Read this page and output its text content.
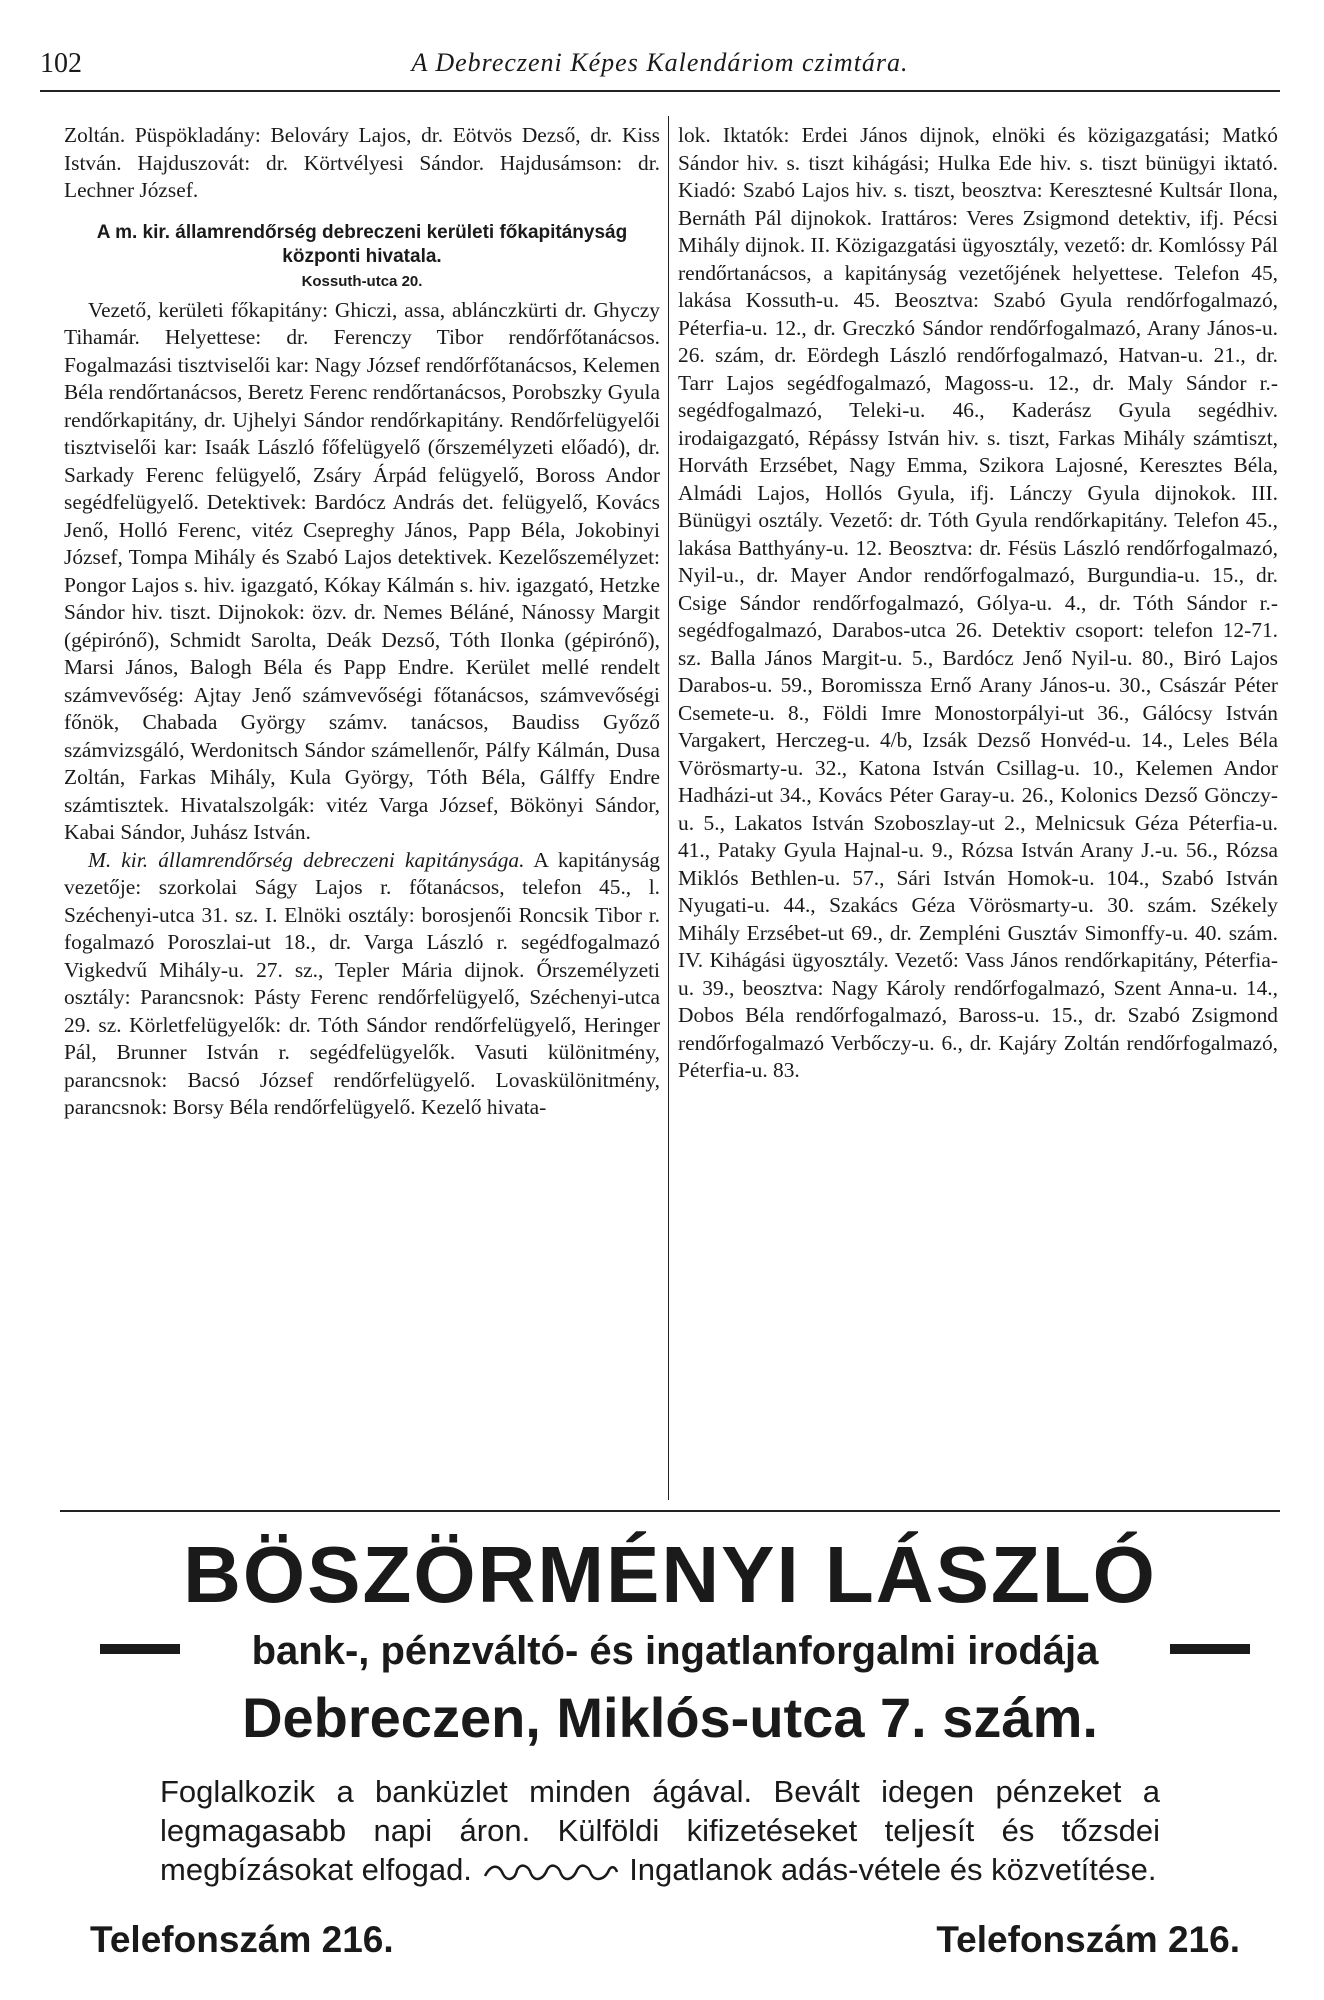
102	A Debreczeni Képes Kalendáriom czimtára.

Zoltán. Püspökladány: Belováry Lajos, dr. Eötvös Dezső, dr. Kiss István. Hajduszovát: dr. Körtvélyesi Sándor. Hajdusámson: dr. Lechner József.

A m. kir. államrendőrség debreczeni kerületi főkapitányság központi hivatala.
Kossuth-utca 20.

Vezető, kerületi főkapitány: Ghiczi, assa, ablánczkürti dr. Ghyczy Tihamár. Helyettese: dr. Ferenczy Tibor rendőrfőtanácsos. Fogalmazási tisztviselői kar: Nagy József rendőrfőtanácsos, Kelemen Béla rendőrtanácsos, Beretz Ferenc rendőrtanácsos, Porobszky Gyula rendőrkapitány, dr. Ujhelyi Sándor rendőrkapitány. Rendőrfelügyelői tisztviselői kar: Isaák László főfelügyelő (őrszemélyzeti előadó), dr. Sarkady Ferenc felügyelő, Zsáry Árpád felügyelő, Boross Andor segédfelügyelő. Detektivek: Bardócz András det. felügyelő, Kovács Jenő, Holló Ferenc, vitéz Csepreghy János, Papp Béla, Jokobinyi József, Tompa Mihály és Szabó Lajos detektivek. Kezelőszemélyzet: Pongor Lajos s. hiv. igazgató, Kókay Kálmán s. hiv. igazgató, Hetzke Sándor hiv. tiszt. Dijnokok: özv. dr. Nemes Béláné, Nánossy Margit (gépirónő), Schmidt Sarolta, Deák Dezső, Tóth Ilonka (gépirónő), Marsi János, Balogh Béla és Papp Endre. Kerület mellé rendelt számvevőség: Ajtay Jenő számvevőségi főtanácsos, számvevőségi főnök, Chabada György számv. tanácsos, Baudiss Győző számvizsgáló, Werdonitsch Sándor számellenőr, Pálfy Kálmán, Dusa Zoltán, Farkas Mihály, Kula György, Tóth Béla, Gálffy Endre számtisztek. Hivatalszolgák: vitéz Varga József, Bökönyi Sándor, Kabai Sándor, Juhász István.

M. kir. államrendőrség debreczeni kapitánysága. A kapitányság vezetője: szorkolai Ságy Lajos r. főtanácsos, telefon 45., l. Széchenyi-utca 31. sz. I. Elnöki osztály: borosjenői Roncsik Tibor r. fogalmazó Poroszlai-ut 18., dr. Varga László r. segédfogalmazó Vigkedvű Mihály-u. 27. sz., Tepler Mária dijnok. Őrszemélyzeti osztály: Parancsnok: Pásty Ferenc rendőrfelügyelő, Széchenyi-utca 29. sz. Körletfelügyelők: dr. Tóth Sándor rendőrfelügyelő, Heringer Pál, Brunner István r. segédfelügyelők. Vasuti különitmény, parancsnok: Bacsó József rendőrfelügyelő. Lovaskülönitmény, parancsnok: Borsy Béla rendőrfelügyelő. Kezelő hivata-

lok. Iktatók: Erdei János dijnok, elnöki és közigazgatási; Matkó Sándor hiv. s. tiszt kihágási; Hulka Ede hiv. s. tiszt bünügyi iktató. Kiadó: Szabó Lajos hiv. s. tiszt, beosztva: Keresztesné Kultsár Ilona, Bernáth Pál dijnokok. Irattáros: Veres Zsigmond detektiv, ifj. Pécsi Mihály dijnok. II. Közigazgatási ügyosztály, vezető: dr. Komlóssy Pál rendőrtanácsos, a kapitányság vezetőjének helyettese. Telefon 45, lakása Kossuth-u. 45. Beosztva: Szabó Gyula rendőrfogalmazó, Péterfia-u. 12., dr. Greczkó Sándor rendőrfogalmazó, Arany János-u. 26. szám, dr. Eördegh László rendőrfogalmazó, Hatvan-u. 21., dr. Tarr Lajos segédfogalmazó, Magoss-u. 12., dr. Maly Sándor r.-segédfogalmazó, Teleki-u. 46., Kaderász Gyula segédhiv. irodaigazgató, Répássy István hiv. s. tiszt, Farkas Mihály számtiszt, Horváth Erzsébet, Nagy Emma, Szikora Lajosné, Keresztes Béla, Almádi Lajos, Hollós Gyula, ifj. Lánczy Gyula dijnokok. III. Bünügyi osztály. Vezető: dr. Tóth Gyula rendőrkapitány. Telefon 45., lakása Batthyány-u. 12. Beosztva: dr. Fésüs László rendőrfogalmazó, Nyil-u., dr. Mayer Andor rendőrfogalmazó, Burgundia-u. 15., dr. Csige Sándor rendőrfogalmazó, Gólya-u. 4., dr. Tóth Sándor r.-segédfogalmazó, Darabos-utca 26. Detektiv csoport: telefon 12-71. sz. Balla János Margit-u. 5., Bardócz Jenő Nyil-u. 80., Biró Lajos Darabos-u. 59., Boromissza Ernő Arany János-u. 30., Császár Péter Csemete-u. 8., Földi Imre Monostorpályi-ut 36., Gálócsy István Vargakert, Herczeg-u. 4/b, Izsák Dezső Honvéd-u. 14., Leles Béla Vörösmarty-u. 32., Katona István Csillag-u. 10., Kelemen Andor Hadházi-ut 34., Kovács Péter Garay-u. 26., Kolonics Dezső Gönczy-u. 5., Lakatos István Szoboszlay-ut 2., Melnicsuk Géza Péterfia-u. 41., Pataky Gyula Hajnal-u. 9., Rózsa István Arany J.-u. 56., Rózsa Miklós Bethlen-u. 57., Sári István Homok-u. 104., Szabó István Nyugati-u. 44., Szakács Géza Vörösmarty-u. 30. szám. Székely Mihály Erzsébet-ut 69., dr. Zempléni Gusztáv Simonffy-u. 40. szám. IV. Kihágási ügyosztály. Vezető: Vass János rendőrkapitány, Péterfia-u. 39., beosztva: Nagy Károly rendőrfogalmazó, Szent Anna-u. 14., Dobos Béla rendőrfogalmazó, Baross-u. 15., dr. Szabó Zsigmond rendőrfogalmazó Verbőczy-u. 6., dr. Kajáry Zoltán rendőrfogalmazó, Péterfia-u. 83.

BÖSZÖRMÉNYI LÁSZLÓ
bank-, pénzváltó- és ingatlanforgalmi irodája
Debreczen, Miklós-utca 7. szám.
Foglalkozik a banküzlet minden ágával. Bevált idegen pénzeket a legmagasabb napi áron. Külföldi kifizetéseket teljesít és tőzsdei megbízásokat elfogad.	Ingatlanok adás-vétele és közvetítése.
Telefonszám 216.	Telefonszám 216.
